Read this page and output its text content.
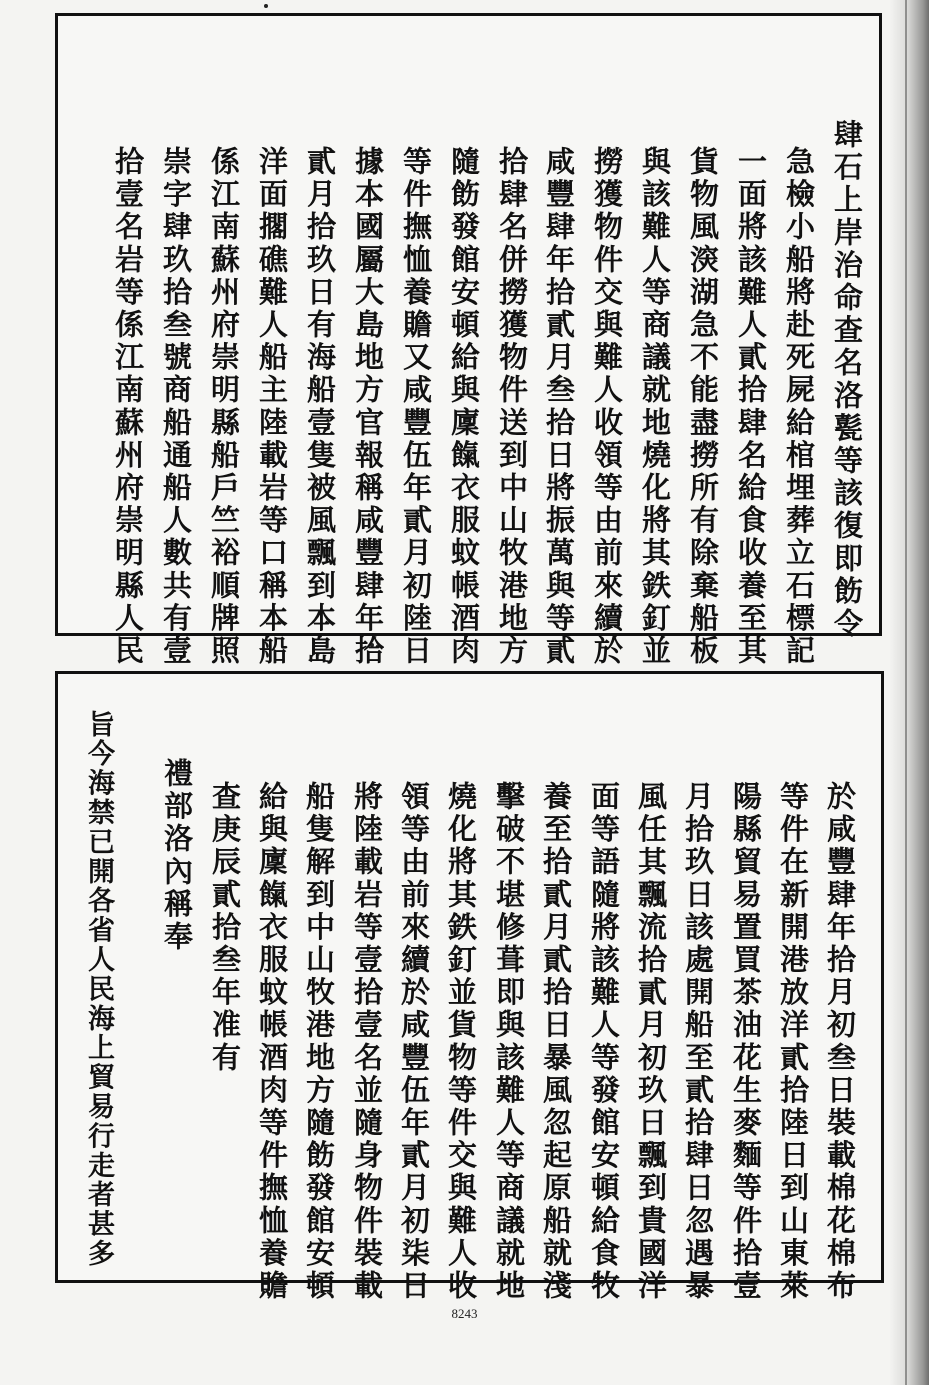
肆石上岸治命查名洛甏等該復即飭令
急檢小船將赴死屍給棺埋葬立石標記
一面將該難人貳拾肆名給食收養至其
貨物風㴱湖急不能盡撈所有除棄船板
與該難人等商議就地燒化將其鉄釘並
撈獲物件交與難人收領等由前來續於
咸豐肆年拾貳月叁拾日將振萬與等貳
拾肆名併撈獲物件送到中山牧港地方
隨飭發館安頓給與廩餼衣服蚊帳酒肉
等件撫恤養贍又咸豐伍年貳月初陸日
據本國屬大島地方官報稱咸豐肆年拾
貳月拾玖日有海船壹隻被風飄到本島
洋面擱礁難人船主陸載岩等口稱本船
係江南蘇州府崇明縣船戶竺裕順牌照
崇字肆玖拾叁號商船通船人數共有壹
拾壹名岩等係江南蘇州府崇明縣人民
於咸豐肆年拾月初叁日裝載棉花棉布
等件在新開港放洋貳拾陸日到山東萊
陽縣貿易置買茶油花生麥麵等件拾壹
月拾玖日該處開船至貳拾肆日忽遇暴
風任其飄流拾貳月初玖日飄到貴國洋
面等語隨將該難人等發館安頓給食牧
養至拾貳月貳拾日暴風忽起原船就淺
擊破不堪修葺即與該難人等商議就地
燒化將其鉄釘並貨物等件交與難人收
領等由前來續於咸豐伍年貳月初柒日
將陸載岩等壹拾壹名並隨身物件裝載
船隻解到中山牧港地方隨飭發館安頓
給與廩餼衣服蚊帳酒肉等件撫恤養贍
查庚辰貳拾叁年准有
禮部洛內稱奉
旨今海禁已開各省人民海上貿易行走者甚多
8243
